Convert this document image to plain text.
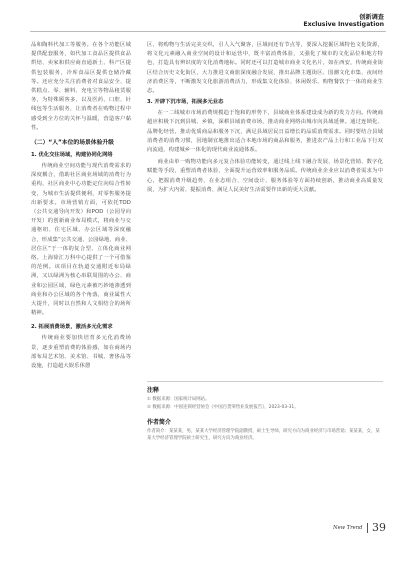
创新调查
Exclusive Investigation

品和陶料代加工等服务。在各个功能区域提供配套服务，如代加工食品区提供食品烘焙、卖家和供应商直通新土、科产区提供包装服务，冷库食品区提供仓储冷藏等。还应充分关注消费者对食品安全、提供糕点、零、辅料、充电宝等物品租赁服务，为特殊顾客多，以及医药、口腔、针线包等生活服务，让消费者在购物过程中感受到全方位的关怀与温暖，营造客户黏性。

（二）“人”本位的场景体验升级
1. 优化交往场域，构建协同化网络

传统商业空间功能与现代消费需求的深度耦合，借助社区商业场域的消费行为重构，社区商业中心功能定位向综合性转变，为城市生活提供便利，对零售服务提出新要求。市场营销方面，可依托TOD（公共交通导向开发）和POD（公园导向开发）的创新商业布局模式，将商业与交通枢纽、住宅区域、办公区域等深度融合，形成集“公共交通、公园绿地、商业、居住区”于一体的复合型、立体化商业网络。上海徐汇万科中心提供了一个可借鉴的范例。该项目在轨道交通附近布局绿洲，又以绿洲为核心串联周围的办公、商业和公园区域，绿色元素被巧妙地渗透到商业和办公区域的各个角落，商业属性大大提升，同时以自然和人文相结合的场所精神。

2. 拓展消费场景，激活多元化需求

传统商业要加快培育多元化消费场景，逐步重塑消费的体验感，如在商场内部布局艺术馆、美术馆、书城、奢侈品等设施，打造超大娱乐休憩

区，将购物与生活完美交织，引人入气聚客，区域间还有节点等，要深入挖掘区域特色文化资源，将文化元素融入商业空间的设计和运营中，既丰富消费体验，又强化了城市的文化品位和地方特色，打造具有辨识度的文化消费地标。同时还可以打造城市商业文化名片，如在西安，传统商业街区结合历史文化街区，大力推进文商旅深度融合发展，推出品牌主题街区、国潮文化市集、夜间经济消费区等，不断激发文化旅游消费活力，形成集文化体验、休闲娱乐、购物餐饮于一体的商业生态。

3. 开辟下沉市场，拓展多元业态

在一二线城市市场消费规模趋于饱和的形势下，县域商业体系建设成为新的发力方向。传统商超应积极下沉到县城、乡镇，深耕县域消费市场，推动商业网络由城市向县域延伸。通过连锁化、品牌化经营，推动优质商品和服务下沉，满足县域居民日益增长的品质消费需求。同时要结合县域消费者的消费习惯，因地制宜地推出适合本地市场的商品和服务，推进农产品上行和工业品下行双向流通，构建城乡一体化的现代商业流通体系。

商业由单一购物功能向多元复合体验功能转变，通过线上线下融合发展、场景化营销、数字化赋能等手段，重塑消费者体验，全面提升运营效率和服务品质。传统商业企业应以消费者需求为中心，把握消费升级趋势，在业态组合、空间设计、服务体验等方面持续创新，推动商业高质量发展，为扩大内需、提振消费、满足人民美好生活需要作出新的更大贡献。

注释
① 数据来源：国家统计局网站。
② 数据来源：中国连锁经营协会《中国百货零售业发展报告》，2023-03-31。
作者简介
作者简介：某某某，男，某某大学经济管理学院副教授，硕士生导师，研究方向为商业经济与市场营销；某某某，女，某某大学经济管理学院硕士研究生，研究方向为商业经济。
New Trend 39
